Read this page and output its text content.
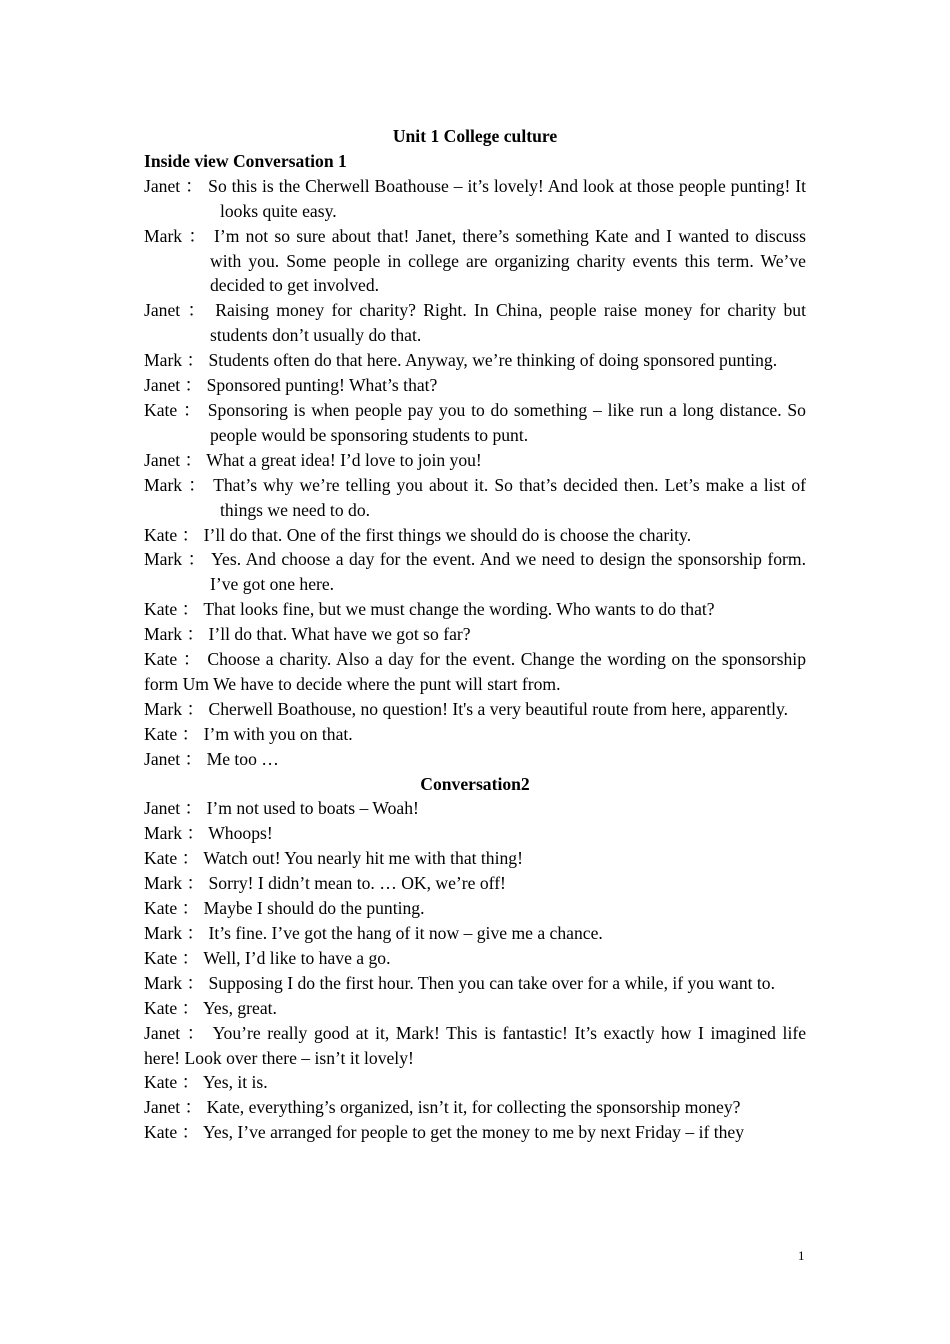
Unit 1 College culture
Inside view Conversation 1
Janet ： So this is the Cherwell Boathouse – it’s lovely! And look at those people punting! It looks quite easy.
Mark ： I’m not so sure about that! Janet, there’s something Kate and I wanted to discuss with you. Some people in college are organizing charity events this term. We’ve decided to get involved.
Janet ： Raising money for charity? Right. In China, people raise money for charity but students don’t usually do that.
Mark ： Students often do that here. Anyway, we’re thinking of doing sponsored punting.
Janet ： Sponsored punting! What’s that?
Kate ： Sponsoring is when people pay you to do something – like run a long distance. So people would be sponsoring students to punt.
Janet ： What a great idea! I’d love to join you!
Mark ： That’s why we’re telling you about it. So that’s decided then. Let’s make a list of things we need to do.
Kate ： I’ll do that. One of the first things we should do is choose the charity.
Mark ： Yes. And choose a day for the event. And we need to design the sponsorship form. I’ve got one here.
Kate ： That looks fine, but we must change the wording. Who wants to do that?
Mark ： I’ll do that. What have we got so far?
Kate ： Choose a charity. Also a day for the event. Change the wording on the sponsorship form Um We have to decide where the punt will start from.
Mark ： Cherwell Boathouse, no question! It's a very beautiful route from here, apparently.
Kate ： I’m with you on that.
Janet ： Me too …
Conversation2
Janet ： I’m not used to boats – Woah!
Mark ： Whoops!
Kate ： Watch out! You nearly hit me with that thing!
Mark ： Sorry! I didn’t mean to. … OK, we’re off!
Kate ： Maybe I should do the punting.
Mark ： It’s fine. I’ve got the hang of it now – give me a chance.
Kate ： Well, I’d like to have a go.
Mark ： Supposing I do the first hour. Then you can take over for a while, if you want to.
Kate ： Yes, great.
Janet ： You’re really good at it, Mark! This is fantastic! It’s exactly how I imagined life here! Look over there – isn’t it lovely!
Kate ： Yes, it is.
Janet ： Kate, everything’s organized, isn’t it, for collecting the sponsorship money?
Kate ： Yes, I’ve arranged for people to get the money to me by next Friday – if they
1
